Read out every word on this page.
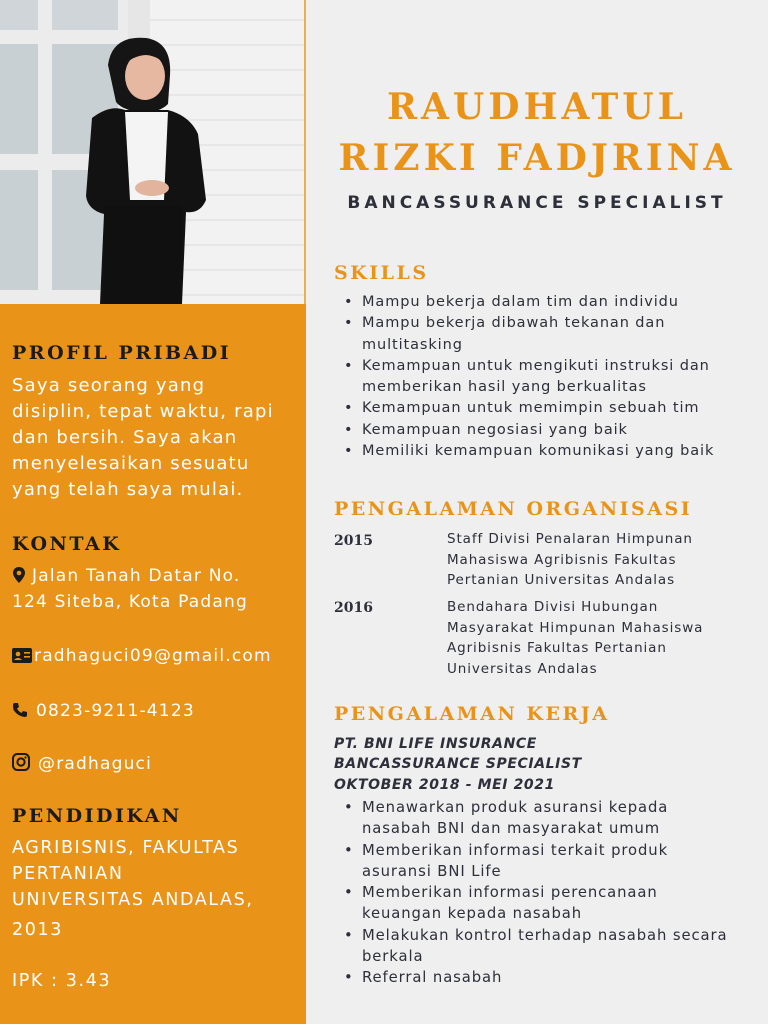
PROFIL PRIBADI
Saya seorang yang
disiplin, tepat waktu, rapi
dan bersih. Saya akan
menyelesaikan sesuatu
yang telah saya mulai.
KONTAK
Jalan Tanah Datar No.
124 Siteba, Kota Padang
radhaguci09@gmail.com
0823-9211-4123
@radhaguci
PENDIDIKAN
AGRIBISNIS, FAKULTAS
PERTANIAN
UNIVERSITAS ANDALAS,
2013
IPK : 3.43
RAUDHATUL
RIZKI FADJRINA
BANCASSURANCE SPECIALIST
SKILLS
• Mampu bekerja dalam tim dan individu
• Mampu bekerja dibawah tekanan dan
multitasking
• Kemampuan untuk mengikuti instruksi dan
memberikan hasil yang berkualitas
• Kemampuan untuk memimpin sebuah tim
• Kemampuan negosiasi yang baik
• Memiliki kemampuan komunikasi yang baik
PENGALAMAN ORGANISASI
2015	Staff Divisi Penalaran Himpunan
Mahasiswa Agribisnis Fakultas
Pertanian Universitas Andalas
2016	Bendahara Divisi Hubungan
Masyarakat Himpunan Mahasiswa
Agribisnis Fakultas Pertanian
Universitas Andalas
PENGALAMAN KERJA
PT. BNI LIFE INSURANCE
BANCASSURANCE SPECIALIST
OKTOBER 2018 - MEI 2021
• Menawarkan produk asuransi kepada
nasabah BNI dan masyarakat umum
• Memberikan informasi terkait produk
asuransi BNI Life
• Memberikan informasi perencanaan
keuangan kepada nasabah
• Melakukan kontrol terhadap nasabah secara
berkala
• Referral nasabah
